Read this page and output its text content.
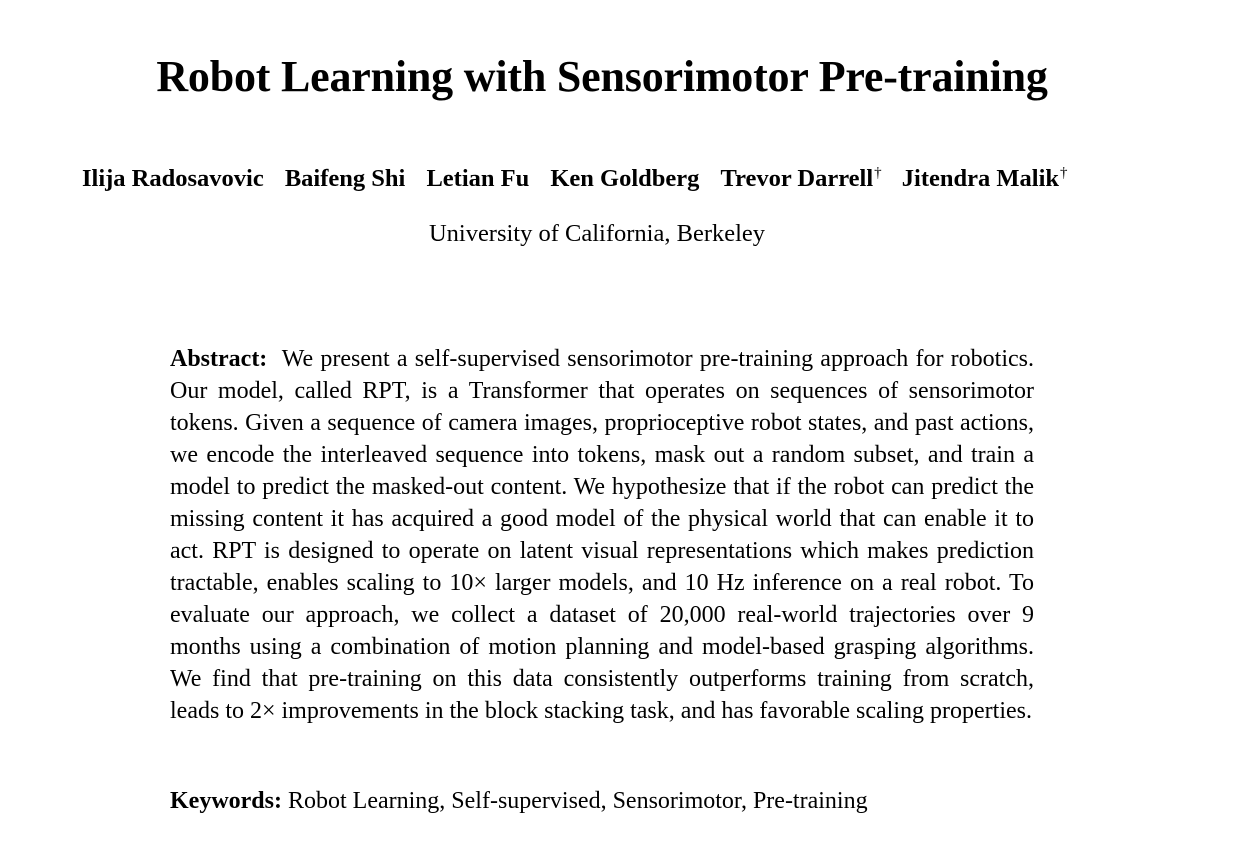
Robot Learning with Sensorimotor Pre-training
Ilija Radosavovic Baifeng Shi Letian Fu Ken Goldberg Trevor Darrell† Jitendra Malik†

University of California, Berkeley

Abstract: We present a self-supervised sensorimotor pre-training approach for robotics. Our model, called RPT, is a Transformer that operates on sequences of sensorimotor tokens. Given a sequence of camera images, proprioceptive robot states, and past actions, we encode the interleaved sequence into tokens, mask out a random subset, and train a model to predict the masked-out content. We hypothesize that if the robot can predict the missing content it has acquired a good model of the physical world that can enable it to act. RPT is designed to operate on latent visual representations which makes prediction tractable, enables scaling to 10× larger models, and 10 Hz inference on a real robot. To evaluate our approach, we collect a dataset of 20,000 real-world trajectories over 9 months using a combination of motion planning and model-based grasping algorithms. We find that pre-training on this data consistently outperforms training from scratch, leads to 2× improvements in the block stacking task, and has favorable scaling properties.

Keywords: Robot Learning, Self-supervised, Sensorimotor, Pre-training
